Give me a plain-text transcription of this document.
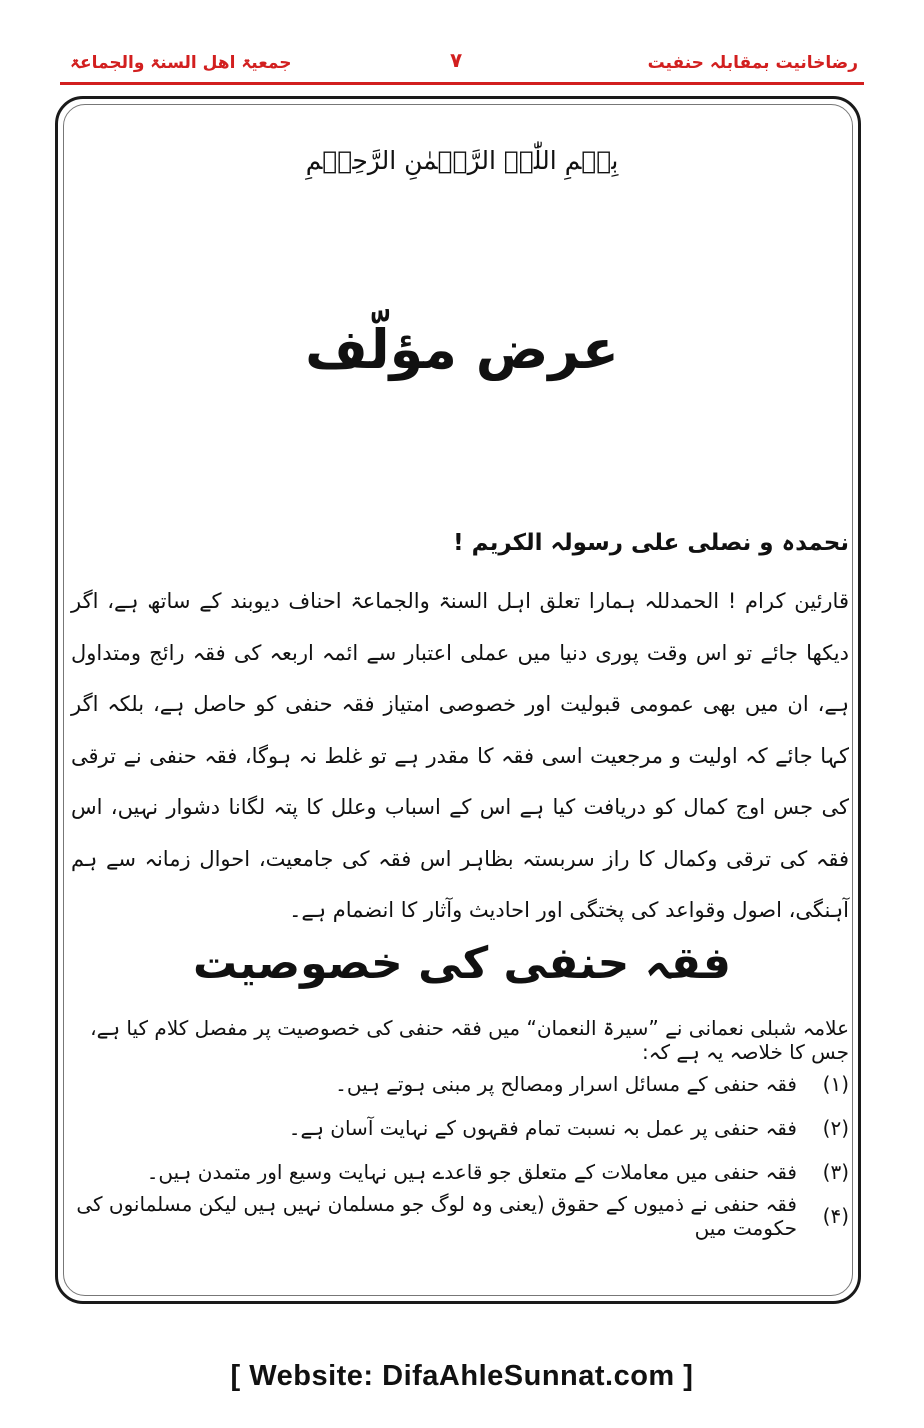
رضاخانیت بمقابلہ حنفیت
۷
جمعیۃ اهل السنۃ والجماعۃ
بِسۡمِ اللّٰہِ الرَّحۡمٰنِ الرَّحِیۡمِ
عرض مؤلّف
نحمدہ و نصلی علی رسولہ الکریم !
قارئین کرام ! الحمدللہ ہمارا تعلق اہل السنۃ والجماعۃ احناف دیوبند کے ساتھ ہے، اگر دیکھا جائے تو اس وقت پوری دنیا میں عملی اعتبار سے ائمہ اربعہ کی فقہ رائج ومتداول ہے، ان میں بھی عمومی قبولیت اور خصوصی امتیاز فقہ حنفی کو حاصل ہے، بلکہ اگر کہا جائے کہ اولیت و مرجعیت اسی فقہ کا مقدر ہے تو غلط نہ ہوگا، فقہ حنفی نے ترقی کی جس اوج کمال کو دریافت کیا ہے اس کے اسباب وعلل کا پتہ لگانا دشوار نہیں، اس فقہ کی ترقی وکمال کا راز سربستہ بظاہر اس فقہ کی جامعیت، احوال زمانہ سے ہم آہنگی، اصول وقواعد کی پختگی اور احادیث وآثار کا انضمام ہے۔
فقہ حنفی کی خصوصیت
علامہ شبلی نعمانی نے ”سیرۃ النعمان“ میں فقہ حنفی کی خصوصیت پر مفصل کلام کیا ہے، جس کا خلاصہ یہ ہے کہ:
(۱)
فقہ حنفی کے مسائل اسرار ومصالح پر مبنی ہوتے ہیں۔
(۲)
فقہ حنفی پر عمل بہ نسبت تمام فقہوں کے نہایت آسان ہے۔
(۳)
فقہ حنفی میں معاملات کے متعلق جو قاعدے ہیں نہایت وسیع اور متمدن ہیں۔
(۴)
فقہ حنفی نے ذمیوں کے حقوق (یعنی وہ لوگ جو مسلمان نہیں ہیں لیکن مسلمانوں کی حکومت میں
[ Website: DifaAhleSunnat.com ]
